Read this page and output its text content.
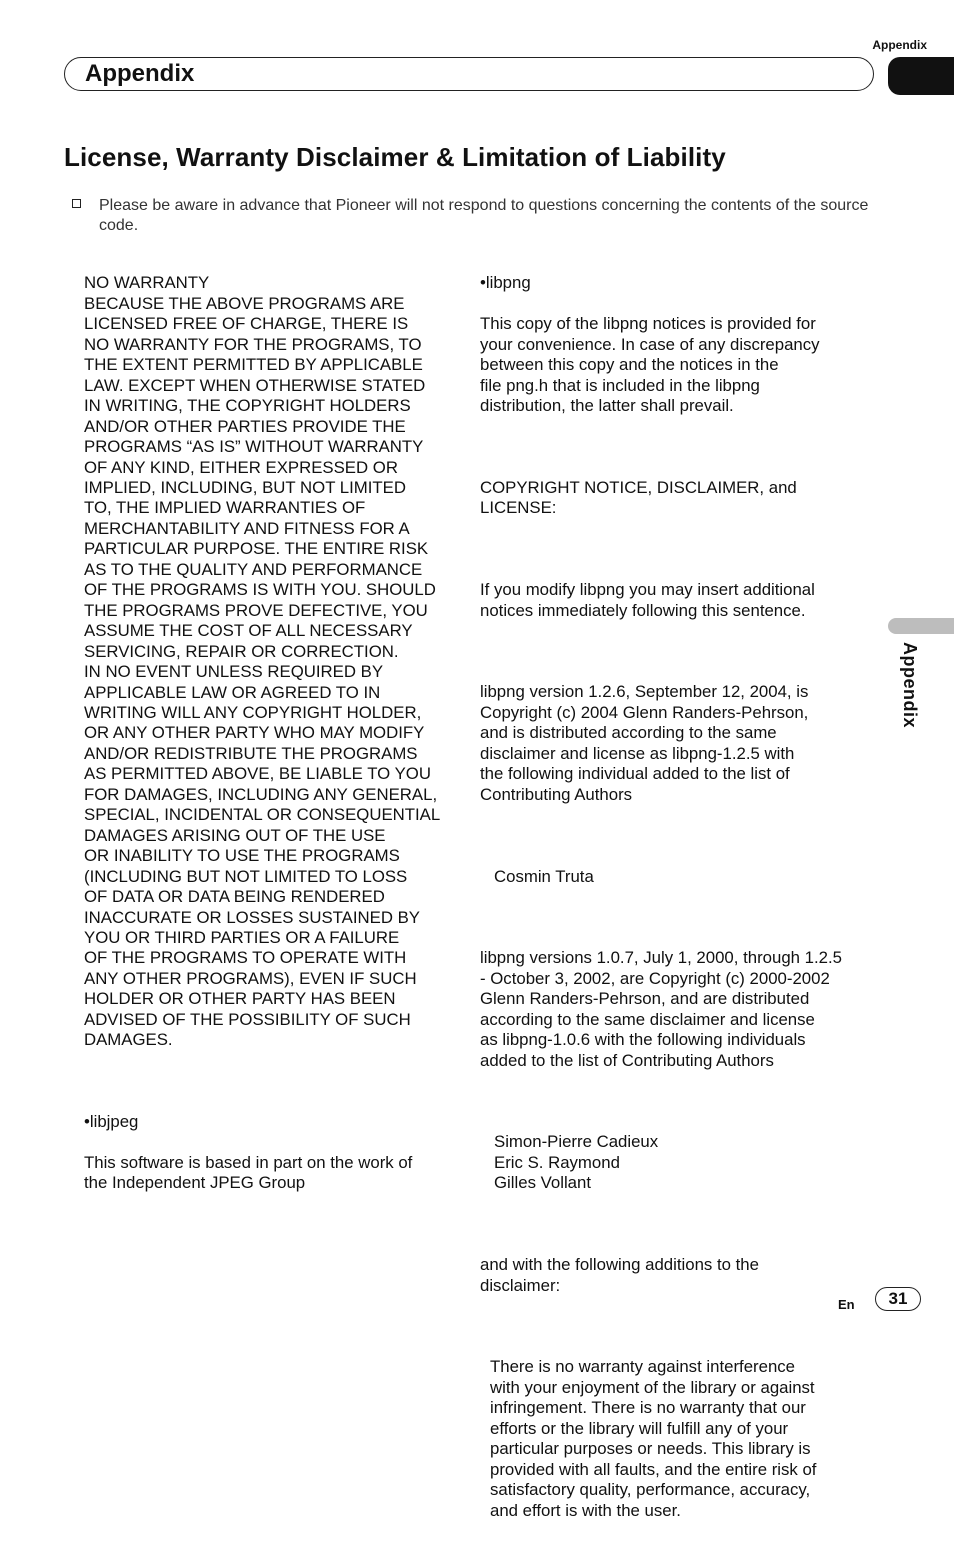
Appendix
Appendix
License, Warranty Disclaimer & Limitation of Liability
Please be aware in advance that Pioneer will not respond to questions concerning the contents of the source code.

NO WARRANTY
BECAUSE THE ABOVE PROGRAMS ARE
LICENSED FREE OF CHARGE, THERE IS
NO WARRANTY FOR THE PROGRAMS, TO
THE EXTENT PERMITTED BY APPLICABLE
LAW. EXCEPT WHEN OTHERWISE STATED
IN WRITING, THE COPYRIGHT HOLDERS
AND/OR OTHER PARTIES PROVIDE THE
PROGRAMS “AS IS” WITHOUT WARRANTY
OF ANY KIND, EITHER EXPRESSED OR
IMPLIED, INCLUDING, BUT NOT LIMITED
TO, THE IMPLIED WARRANTIES OF
MERCHANTABILITY AND FITNESS FOR A
PARTICULAR PURPOSE. THE ENTIRE RISK
AS TO THE QUALITY AND PERFORMANCE
OF THE PROGRAMS IS WITH YOU. SHOULD
THE PROGRAMS PROVE DEFECTIVE, YOU
ASSUME THE COST OF ALL NECESSARY
SERVICING, REPAIR OR CORRECTION.
IN NO EVENT UNLESS REQUIRED BY
APPLICABLE LAW OR AGREED TO IN
WRITING WILL ANY COPYRIGHT HOLDER,
OR ANY OTHER PARTY WHO MAY MODIFY
AND/OR REDISTRIBUTE THE PROGRAMS
AS PERMITTED ABOVE, BE LIABLE TO YOU
FOR DAMAGES, INCLUDING ANY GENERAL,
SPECIAL, INCIDENTAL OR CONSEQUENTIAL
DAMAGES ARISING OUT OF THE USE
OR INABILITY TO USE THE PROGRAMS
(INCLUDING BUT NOT LIMITED TO LOSS
OF DATA OR DATA BEING RENDERED
INACCURATE OR LOSSES SUSTAINED BY
YOU OR THIRD PARTIES OR A FAILURE
OF THE PROGRAMS TO OPERATE WITH
ANY OTHER PROGRAMS), EVEN IF SUCH
HOLDER OR OTHER PARTY HAS BEEN
ADVISED OF THE POSSIBILITY OF SUCH
DAMAGES.

•libjpeg

This software is based in part on the work of
the Independent JPEG Group

•libpng

This copy of the libpng notices is provided for
your convenience. In case of any discrepancy
between this copy and the notices in the
file png.h that is included in the libpng
distribution, the latter shall prevail.

COPYRIGHT NOTICE, DISCLAIMER, and
LICENSE:

If you modify libpng you may insert additional
notices immediately following this sentence.

libpng version 1.2.6, September 12, 2004, is
Copyright (c) 2004 Glenn Randers-Pehrson,
and is distributed according to the same
disclaimer and license as libpng-1.2.5 with
the following individual added to the list of
Contributing Authors

Cosmin Truta

libpng versions 1.0.7, July 1, 2000, through 1.2.5
- October 3, 2002, are Copyright (c) 2000-2002
Glenn Randers-Pehrson, and are distributed
according to the same disclaimer and license
as libpng-1.0.6 with the following individuals
added to the list of Contributing Authors

Simon-Pierre Cadieux
Eric S. Raymond
Gilles Vollant

and with the following additions to the
disclaimer:

There is no warranty against interference
with your enjoyment of the library or against
infringement. There is no warranty that our
efforts or the library will fulfill any of your
particular purposes or needs. This library is
provided with all faults, and the entire risk of
satisfactory quality, performance, accuracy,
and effort is with the user.

Appendix
En	31
